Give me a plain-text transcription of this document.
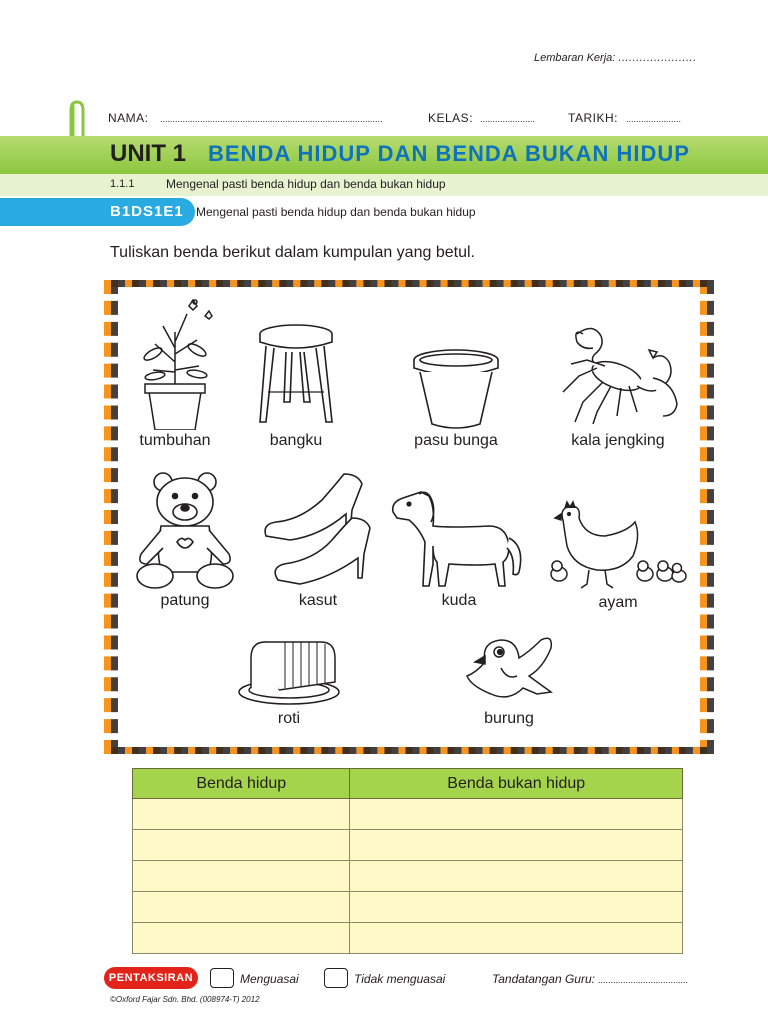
Lembaran Kerja: ......................
NAMA: .........................................................................................	KELAS: ......................	TARIKH: ......................
UNIT 1 BENDA HIDUP DAN BENDA BUKAN HIDUP
1.1.1	Mengenal pasti benda hidup dan benda bukan hidup
B1DS1E1 Mengenal pasti benda hidup dan benda bukan hidup
Tuliskan benda berikut dalam kumpulan yang betul.
tumbuhan	bangku	pasu bunga	kala jengking
patung	kasut	kuda	ayam
roti	burung
Benda hidup	Benda bukan hidup

PENTAKSIRAN	Menguasai	Tidak menguasai	Tandatangan Guru: ....................................
©Oxford Fajar Sdn. Bhd. (008974-T) 2012
